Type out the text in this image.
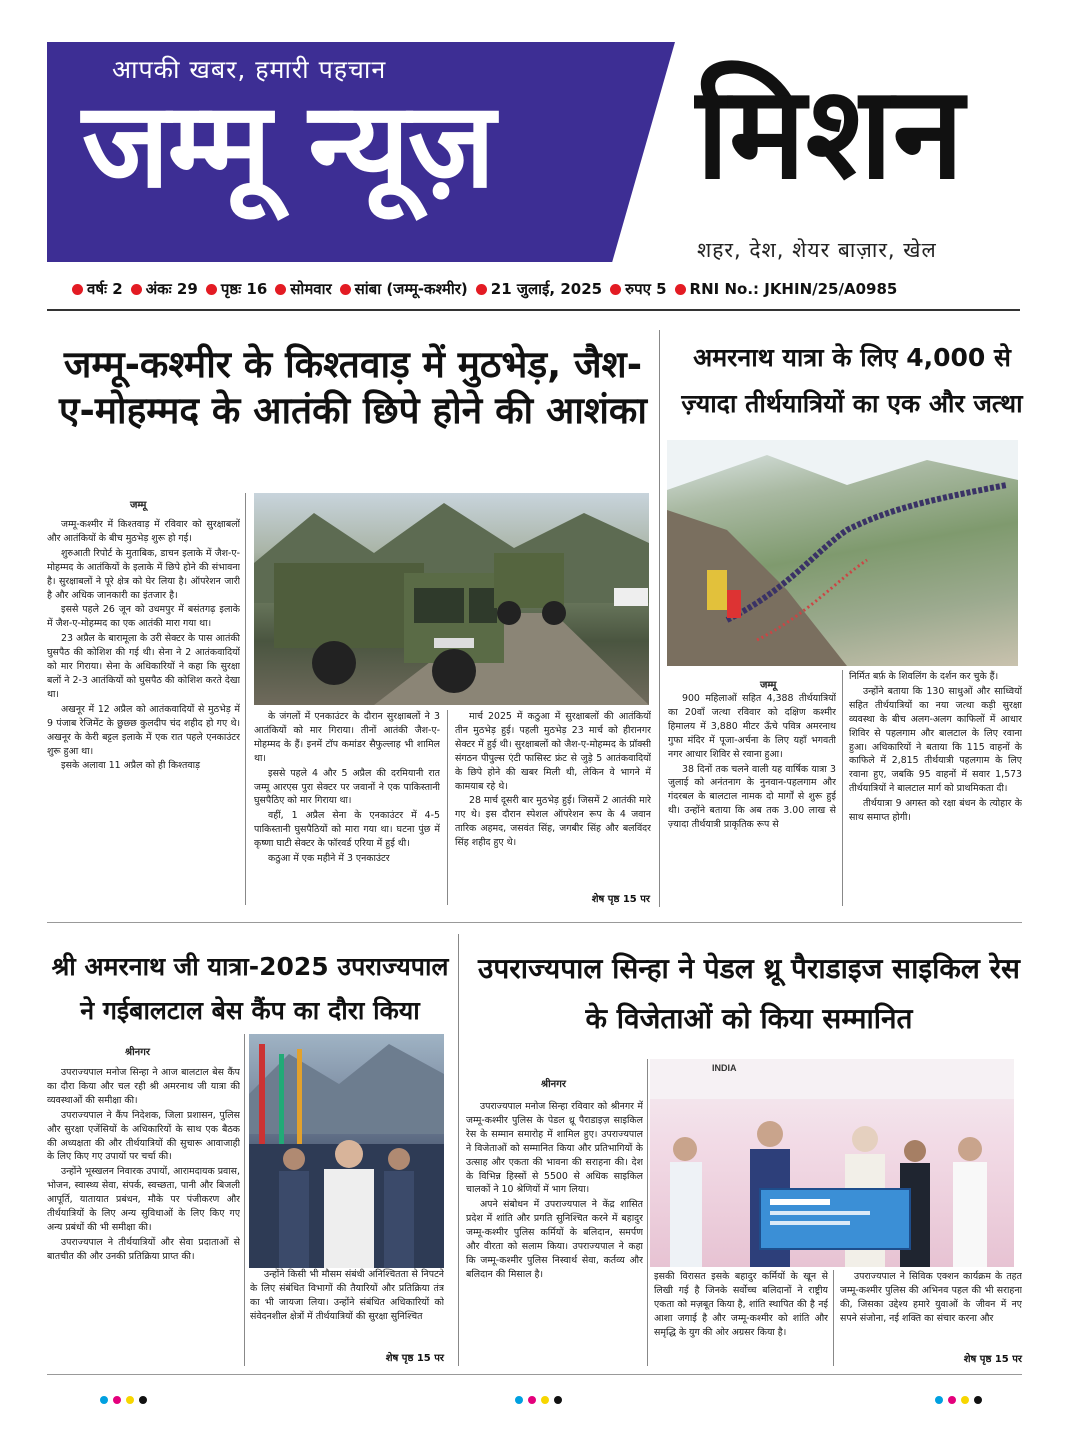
आपकी खबर, हमारी पहचान
जम्मू न्यूज़ मिशन
शहर, देश, शेयर बाज़ार, खेल
वर्षः 2 अंकः 29 पृष्ठः 16 सोमवार सांबा (जम्मू-कश्मीर) 21 जुलाई, 2025 रुपए 5 RNI No.: JKHIN/25/A0985
जम्मू-कश्मीर के किश्तवाड़ में मुठभेड़, जैश-ए-मोहम्मद के आतंकी छिपे होने की आशंका
जम्मू

जम्मू-कश्मीर में किश्तवाड़ में रविवार को सुरक्षाबलों और आतंकियों के बीच मुठभेड़ शुरू हो गई।

शुरुआती रिपोर्ट के मुताबिक, डाचन इलाके में जैश-ए-मोहम्मद के आतंकियों के इलाके में छिपे होने की संभावना है। सुरक्षाबलों ने पूरे क्षेत्र को घेर लिया है। ऑपरेशन जारी है और अधिक जानकारी का इंतजार है।

इससे पहले 26 जून को उधमपुर में बसंतगढ़ इलाके में जैश-ए-मोहम्मद का एक आतंकी मारा गया था।

23 अप्रैल के बारामूला के उरी सेक्टर के पास आतंकी घुसपैठ की कोशिश की गई थी। सेना ने 2 आतंकवादियों को मार गिराया। सेना के अधिकारियों ने कहा कि सुरक्षा बलों ने 2-3 आतंकियों को घुसपैठ की कोशिश करते देखा था।

अखनूर में 12 अप्रैल को आतंकवादियों से मुठभेड़ में 9 पंजाब रेजिमेंट के छुछ्छ कुलदीप चंद शहीद हो गए थे। अखनूर के केरी बट्टल इलाके में एक रात पहले एनकाउंटर शुरू हुआ था।

इसके अलावा 11 अप्रैल को ही किश्तवाड़

के जंगलों में एनकाउंटर के दौरान सुरक्षाबलों ने 3 आतंकियों को मार गिराया। तीनों आतंकी जैश-ए-मोहम्मद के हैं। इनमें टॉप कमांडर सैफुल्लाह भी शामिल था।

इससे पहले 4 और 5 अप्रैल की दरमियानी रात जम्मू आरएस पुरा सेक्टर पर जवानों ने एक पाकिस्तानी घुसपैठिए को मार गिराया था।

वहीं, 1 अप्रैल सेना के एनकाउंटर में 4-5 पाकिस्तानी घुसपैठियों को मारा गया था। घटना पुंछ में कृष्णा घाटी सेक्टर के फॉरवर्ड एरिया में हुई थी।

कठुआ में एक महीने में 3 एनकाउंटर

मार्च 2025 में कठुआ में सुरक्षाबलों की आतंकियों तीन मुठभेड़ हुई। पहली मुठभेड़ 23 मार्च को हीरानगर सेक्टर में हुई थी। सुरक्षाबलों को जैश-ए-मोहम्मद के प्रॉक्सी संगठन पीपुल्स एंटी फासिस्ट फ्रंट से जुड़े 5 आतंकवादियों के छिपे होने की खबर मिली थी, लेकिन वे भागने में कामयाब रहे थे।

28 मार्च दूसरी बार मुठभेड़ हुई। जिसमें 2 आतंकी मारे गए थे। इस दौरान स्पेशल ऑपरेशन रूप के 4 जवान तारिक अहमद, जसवंत सिंह, जगबीर सिंह और बलविंदर सिंह शहीद हुए थे।

शेष पृष्ठ 15 पर
अमरनाथ यात्रा के लिए 4,000 से ज़्यादा तीर्थयात्रियों का एक और जत्था
जम्मू

900 महिलाओं सहित 4,388 तीर्थयात्रियों का 20वाँ जत्था रविवार को दक्षिण कश्मीर हिमालय में 3,880 मीटर ऊँचे पवित्र अमरनाथ गुफा मंदिर में पूजा-अर्चना के लिए यहाँ भगवती नगर आधार शिविर से रवाना हुआ।

38 दिनों तक चलने वाली यह वार्षिक यात्रा 3 जुलाई को अनंतनाग के नुनवान-पहलगाम और गंदरबल के बालटाल नामक दो मार्गों से शुरू हुई थी। उन्होंने बताया कि अब तक 3.00 लाख से ज़्यादा तीर्थयात्री प्राकृतिक रूप से

निर्मित बर्फ़ के शिवलिंग के दर्शन कर चुके हैं।

उन्होंने बताया कि 130 साधुओं और साध्वियों सहित तीर्थयात्रियों का नया जत्था कड़ी सुरक्षा व्यवस्था के बीच अलग-अलग काफिलों में आधार शिविर से पहलगाम और बालटाल के लिए रवाना हुआ। अधिकारियों ने बताया कि 115 वाहनों के काफिले में 2,815 तीर्थयात्री पहलगाम के लिए रवाना हुए, जबकि 95 वाहनों में सवार 1,573 तीर्थयात्रियों ने बालटाल मार्ग को प्राथमिकता दी।

तीर्थयात्रा 9 अगस्त को रक्षा बंधन के त्योहार के साथ समाप्त होगी।

श्री अमरनाथ जी यात्रा-2025 उपराज्यपाल ने गईबालटाल बेस कैंप का दौरा किया
श्रीनगर

उपराज्यपाल मनोज सिन्हा ने आज बालटाल बेस कैंप का दौरा किया और चल रही श्री अमरनाथ जी यात्रा की व्यवस्थाओं की समीक्षा की।

उपराज्यपाल ने कैंप निदेशक, जिला प्रशासन, पुलिस और सुरक्षा एजेंसियों के अधिकारियों के साथ एक बैठक की अध्यक्षता की और तीर्थयात्रियों की सुचारू आवाजाही के लिए किए गए उपायों पर चर्चा की।

उन्होंने भूस्खलन निवारक उपायों, आरामदायक प्रवास, भोजन, स्वास्थ्य सेवा, संपर्क, स्वच्छता, पानी और बिजली आपूर्ति, यातायात प्रबंधन, मौके पर पंजीकरण और तीर्थयात्रियों के लिए अन्य सुविधाओं के लिए किए गए अन्य प्रबंधों की भी समीक्षा की।

उपराज्यपाल ने तीर्थयात्रियों और सेवा प्रदाताओं से बातचीत की और उनकी प्रतिक्रिया प्राप्त की।

उन्होंने किसी भी मौसम संबंधी अनिश्चितता से निपटने के लिए संबंधित विभागों की तैयारियों और प्रतिक्रिया तंत्र का भी जायजा लिया। उन्होंने संबंधित अधिकारियों को संवेदनशील क्षेत्रों में तीर्थयात्रियों की सुरक्षा सुनिश्चित

शेष पृष्ठ 15 पर
उपराज्यपाल सिन्हा ने पेडल थ्रू पैराडाइज साइकिल रेस के विजेताओं को किया सम्मानित
श्रीनगर

उपराज्यपाल मनोज सिन्हा रविवार को श्रीनगर में जम्मू-कश्मीर पुलिस के पेडल थ्रू पैराडाइज़ साइकिल रेस के सम्मान समारोह में शामिल हुए। उपराज्यपाल ने विजेताओं को सम्मानित किया और प्रतिभागियों के उत्साह और एकता की भावना की सराहना की। देश के विभिन्न हिस्सों से 5500 से अधिक साइकिल चालकों ने 10 श्रेणियों में भाग लिया।

अपने संबोधन में उपराज्यपाल ने केंद्र शासित प्रदेश में शांति और प्रगति सुनिश्चित करने में बहादुर जम्मू-कश्मीर पुलिस कर्मियों के बलिदान, समर्पण और वीरता को सलाम किया। उपराज्यपाल ने कहा कि जम्मू-कश्मीर पुलिस निस्वार्थ सेवा, कर्तव्य और बलिदान की मिसाल है।

INDIA

इसकी विरासत इसके बहादुर कर्मियों के खून से लिखी गई है जिनके सर्वोच्च बलिदानों ने राष्ट्रीय एकता को मज़बूत किया है, शांति स्थापित की है नई आशा जगाई है और जम्मू-कश्मीर को शांति और समृद्धि के युग की ओर अग्रसर किया है।

उपराज्यपाल ने सिविक एक्शन कार्यक्रम के तहत जम्मू-कश्मीर पुलिस की अभिनव पहल की भी सराहना की, जिसका उद्देश्य हमारे युवाओं के जीवन में नए सपने संजोना, नई शक्ति का संचार करना और

शेष पृष्ठ 15 पर
